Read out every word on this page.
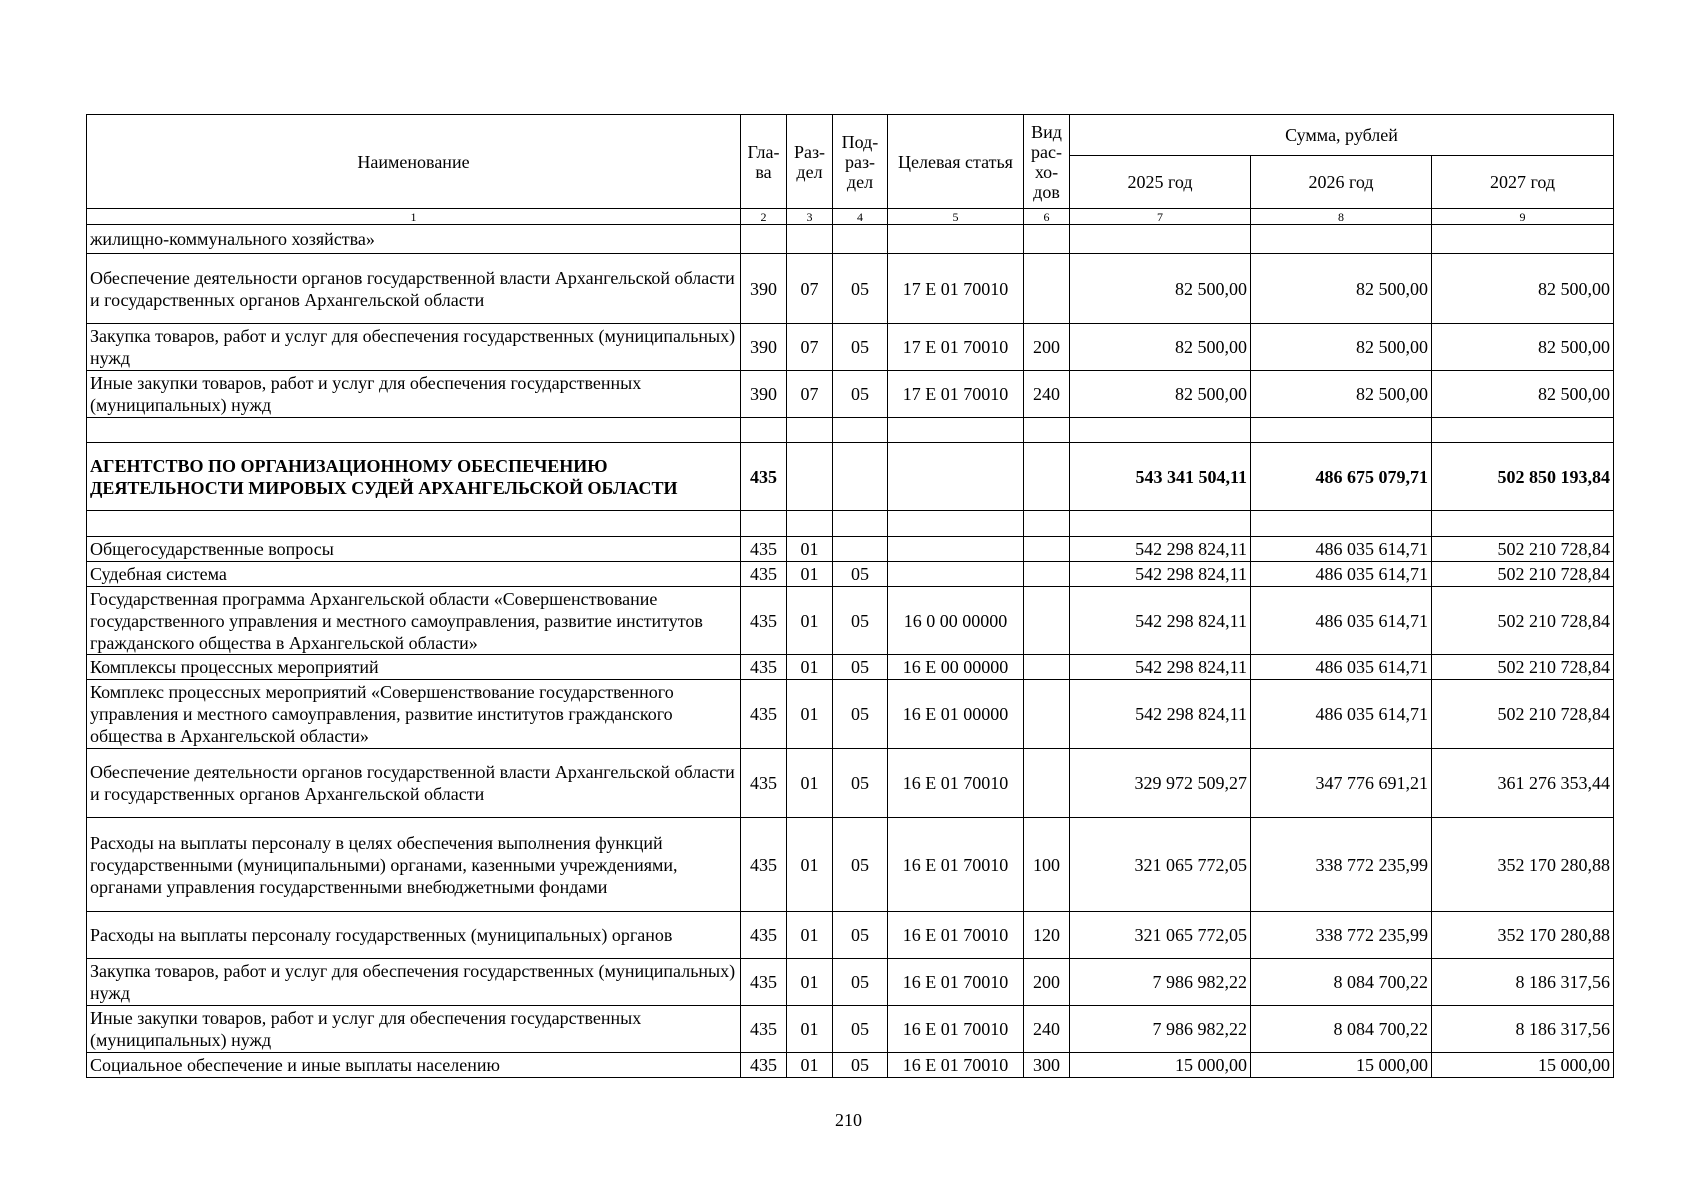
Наименование	Гла-ва	Раз-дел	Под-раз-дел	Целевая статья	Вид рас-хо-дов	Сумма, рублей		
						2025 год	2026 год	2027 год
1	2	3	4	5	6	7	8	9
жилищно-коммунального хозяйства»								
Обеспечение деятельности органов государственной власти Архангельской области и государственных органов Архангельской области	390	07	05	17 Е 01 70010		82 500,00	82 500,00	82 500,00
Закупка товаров, работ и услуг для обеспечения государственных (муниципальных) нужд	390	07	05	17 Е 01 70010	200	82 500,00	82 500,00	82 500,00
Иные закупки товаров, работ и услуг для обеспечения государственных (муниципальных) нужд	390	07	05	17 Е 01 70010	240	82 500,00	82 500,00	82 500,00

АГЕНТСТВО ПО ОРГАНИЗАЦИОННОМУ ОБЕСПЕЧЕНИЮ ДЕЯТЕЛЬНОСТИ МИРОВЫХ СУДЕЙ АРХАНГЕЛЬСКОЙ ОБЛАСТИ	435					543 341 504,11	486 675 079,71	502 850 193,84

Общегосударственные вопросы	435	01				542 298 824,11	486 035 614,71	502 210 728,84
Судебная система	435	01	05			542 298 824,11	486 035 614,71	502 210 728,84
Государственная программа Архангельской области «Совершенствование государственного управления и местного самоуправления, развитие институтов гражданского общества в Архангельской области»	435	01	05	16 0 00 00000		542 298 824,11	486 035 614,71	502 210 728,84
Комплексы процессных мероприятий	435	01	05	16 Е 00 00000		542 298 824,11	486 035 614,71	502 210 728,84
Комплекс процессных мероприятий «Совершенствование государственного управления и местного самоуправления, развитие институтов гражданского общества в Архангельской области»	435	01	05	16 Е 01 00000		542 298 824,11	486 035 614,71	502 210 728,84
Обеспечение деятельности органов государственной власти Архангельской области и государственных органов Архангельской области	435	01	05	16 Е 01 70010		329 972 509,27	347 776 691,21	361 276 353,44
Расходы на выплаты персоналу в целях обеспечения выполнения функций государственными (муниципальными) органами, казенными учреждениями, органами управления государственными внебюджетными фондами	435	01	05	16 Е 01 70010	100	321 065 772,05	338 772 235,99	352 170 280,88
Расходы на выплаты персоналу государственных (муниципальных) органов	435	01	05	16 Е 01 70010	120	321 065 772,05	338 772 235,99	352 170 280,88
Закупка товаров, работ и услуг для обеспечения государственных (муниципальных) нужд	435	01	05	16 Е 01 70010	200	7 986 982,22	8 084 700,22	8 186 317,56
Иные закупки товаров, работ и услуг для обеспечения государственных (муниципальных) нужд	435	01	05	16 Е 01 70010	240	7 986 982,22	8 084 700,22	8 186 317,56
Социальное обеспечение и иные выплаты населению	435	01	05	16 Е 01 70010	300	15 000,00	15 000,00	15 000,00
210
